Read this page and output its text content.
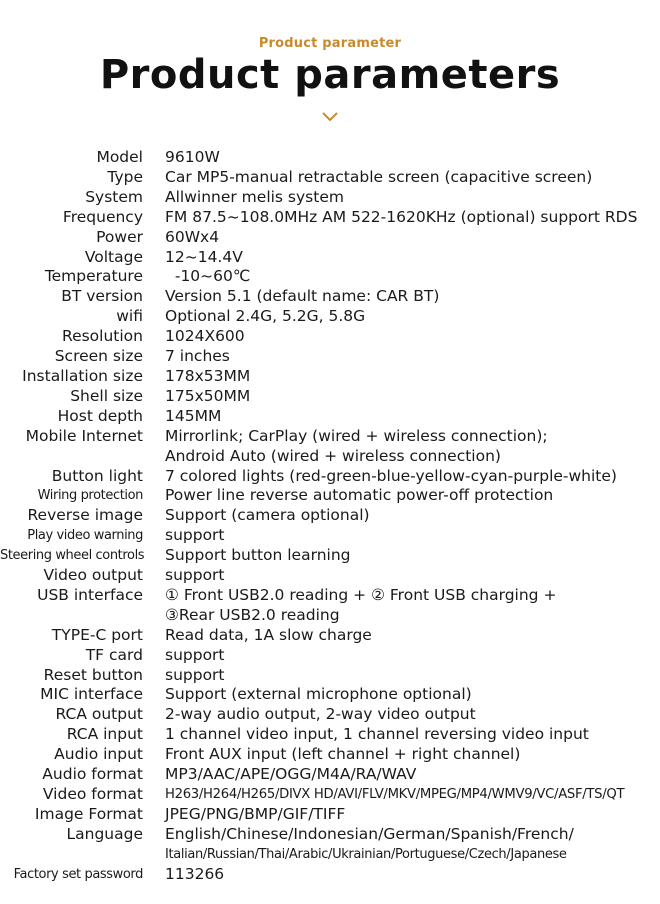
Product parameter
Product parameters
Model 9610W
Type Car MP5-manual retractable screen (capacitive screen)
System Allwinner melis system
Frequency FM 87.5~108.0MHz AM 522-1620KHz (optional) support RDS
Power 60Wx4
Voltage 12~14.4V
Temperature -10~60℃
BT version Version 5.1 (default name: CAR BT)
wifi Optional 2.4G, 5.2G, 5.8G
Resolution 1024X600
Screen size 7 inches
Installation size 178x53MM
Shell size 175x50MM
Host depth 145MM
Mobile Internet Mirrorlink; CarPlay (wired + wireless connection);
Android Auto (wired + wireless connection)
Button light 7 colored lights (red-green-blue-yellow-cyan-purple-white)
Wiring protection Power line reverse automatic power-off protection
Reverse image Support (camera optional)
Play video warning support
Steering wheel controls Support button learning
Video output support
USB interface ① Front USB2.0 reading + ② Front USB charging +
③Rear USB2.0 reading
TYPE-C port Read data, 1A slow charge
TF card support
Reset button support
MIC interface Support (external microphone optional)
RCA output 2-way audio output, 2-way video output
RCA input 1 channel video input, 1 channel reversing video input
Audio input Front AUX input (left channel + right channel)
Audio format MP3/AAC/APE/OGG/M4A/RA/WAV
Video format H263/H264/H265/DIVX HD/AVI/FLV/MKV/MPEG/MP4/WMV9/VC/ASF/TS/QT
Image Format JPEG/PNG/BMP/GIF/TIFF
Language English/Chinese/Indonesian/German/Spanish/French/
Italian/Russian/Thai/Arabic/Ukrainian/Portuguese/Czech/Japanese
Factory set password 113266
